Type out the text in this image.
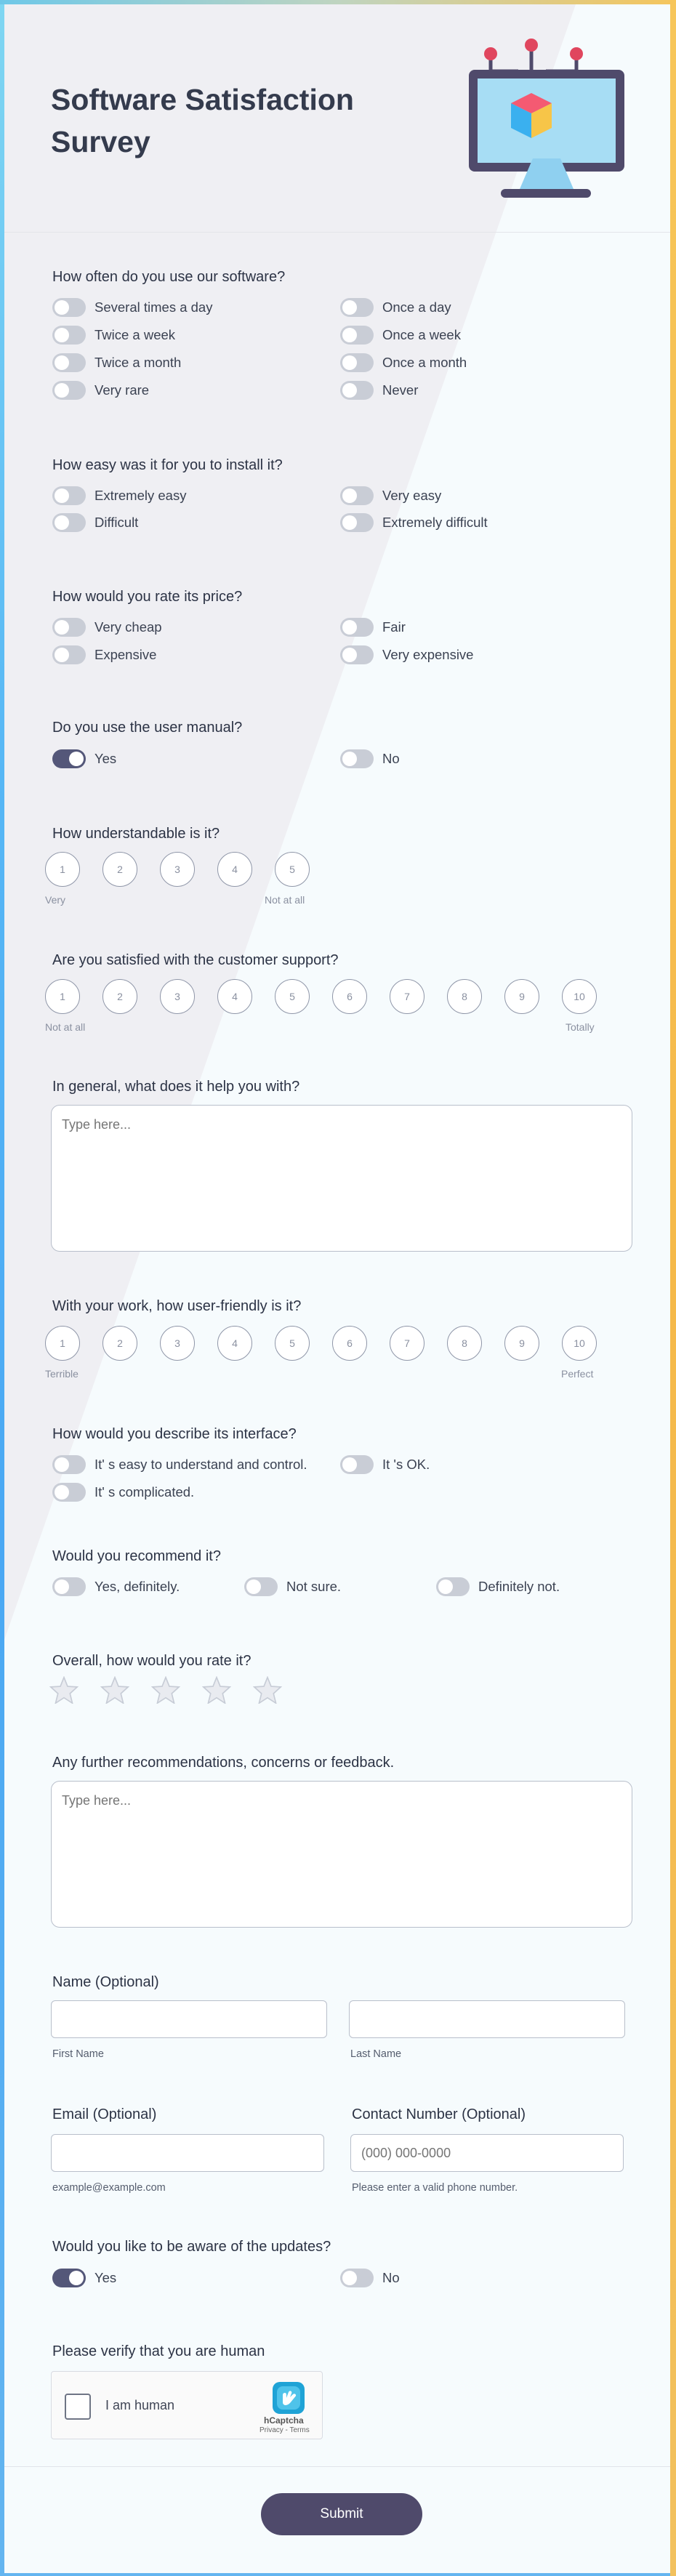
Software Satisfaction Survey
How often do you use our software?
Several times a day	Once a day
Twice a week	Once a week
Twice a month	Once a month
Very rare	Never
How easy was it for you to install it?
Extremely easy	Very easy
Difficult	Extremely difficult
How would you rate its price?
Very cheap	Fair
Expensive	Very expensive
Do you use the user manual?
Yes	No
How understandable is it?
1	2	3	4	5
Very	Not at all
Are you satisfied with the customer support?
1	2	3	4	5	6	7	8	9	10
Not at all	Totally
In general, what does it help you with?
Type here...
With your work, how user-friendly is it?
1	2	3	4	5	6	7	8	9	10
Terrible	Perfect
How would you describe its interface?
It' s easy to understand and control.	It 's OK.
It' s complicated.
Would you recommend it?
Yes, definitely.	Not sure.	Definitely not.
Overall, how would you rate it?
Any further recommendations, concerns or feedback.
Type here...
Name (Optional)
First Name	Last Name
Email (Optional)	Contact Number (Optional)
(000) 000-0000
example@example.com	Please enter a valid phone number.
Would you like to be aware of the updates?
Yes	No
Please verify that you are human
I am human
hCaptcha
Privacy - Terms
Submit
